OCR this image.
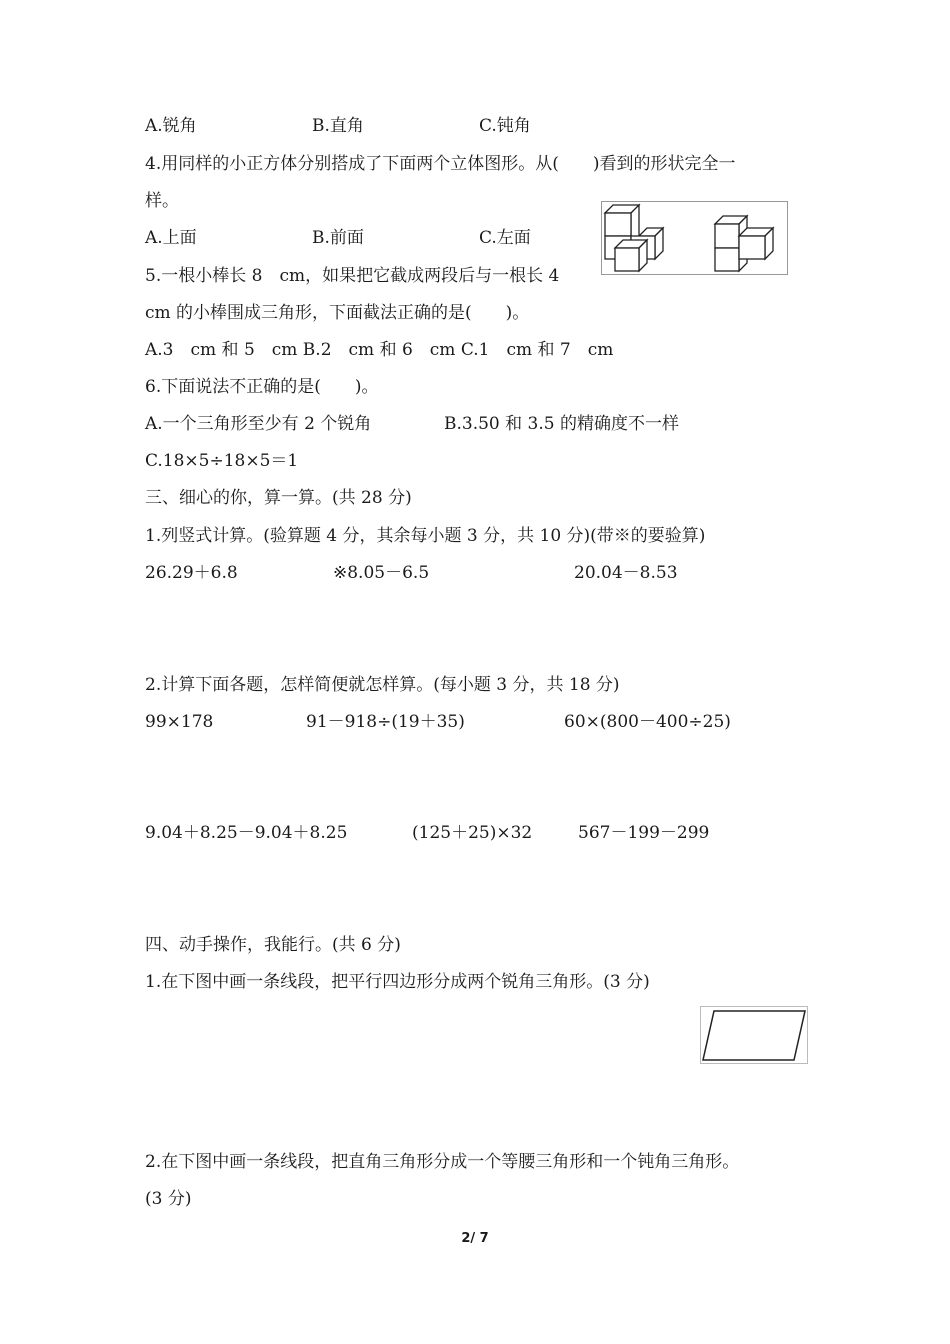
A.锐角	B.直角	C.钝角
4.用同样的小正方体分别搭成了下面两个立体图形。从(　　)看到的形状完全一
样。
A.上面	B.前面	C.左面
5.一根小棒长 8　cm，如果把它截成两段后与一根长 4
cm 的小棒围成三角形，下面截法正确的是(　　)。
A.3　cm 和 5　cm B.2　cm 和 6　cm C.1　cm 和 7　cm
6.下面说法不正确的是(　　)。
A.一个三角形至少有 2 个锐角	B.3.50 和 3.5 的精确度不一样
C.18×5÷18×5＝1
三、细心的你，算一算。(共 28 分)
1.列竖式计算。(验算题 4 分，其余每小题 3 分，共 10 分)(带※的要验算)
26.29＋6.8	※8.05－6.5	20.04－8.53
2.计算下面各题，怎样简便就怎样算。(每小题 3 分，共 18 分)
99×178	91－918÷(19＋35)	60×(800－400÷25)
9.04＋8.25－9.04＋8.25	(125＋25)×32	567－199－299
四、动手操作，我能行。(共 6 分)
1.在下图中画一条线段，把平行四边形分成两个锐角三角形。(3 分)
2.在下图中画一条线段，把直角三角形分成一个等腰三角形和一个钝角三角形。
(3 分)
2/ 7
